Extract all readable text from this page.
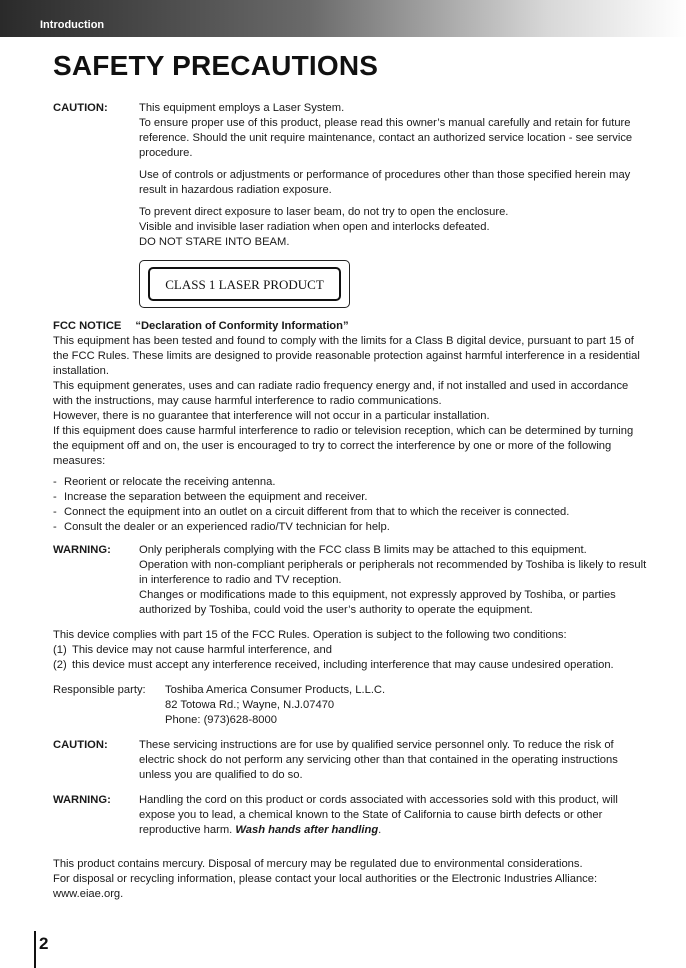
Introduction
SAFETY PRECAUTIONS
CAUTION:	This equipment employs a Laser System.

To ensure proper use of this product, please read this owner’s manual carefully and retain for future reference. Should the unit require maintenance, contact an authorized service location - see service procedure.

Use of controls or adjustments or performance of procedures other than those specified herein may result in hazardous radiation exposure.

To prevent direct exposure to laser beam, do not try to open the enclosure.

Visible and invisible laser radiation when open and interlocks defeated.

DO NOT STARE INTO BEAM.

CLASS 1 LASER PRODUCT
FCC NOTICE “Declaration of Conformity Information”

This equipment has been tested and found to comply with the limits for a Class B digital device, pursuant to part 15 of the FCC Rules. These limits are designed to provide reasonable protection against harmful interference in a residential installation.

This equipment generates, uses and can radiate radio frequency energy and, if not installed and used in accordance with the instructions, may cause harmful interference to radio communications.

However, there is no guarantee that interference will not occur in a particular installation.

If this equipment does cause harmful interference to radio or television reception, which can be determined by turning the equipment off and on, the user is encouraged to try to correct the interference by one or more of the following measures:

- Reorient or relocate the receiving antenna.
- Increase the separation between the equipment and receiver.
- Connect the equipment into an outlet on a circuit different from that to which the receiver is connected.
- Consult the dealer or an experienced radio/TV technician for help.
WARNING:	Only peripherals complying with the FCC class B limits may be attached to this equipment.

Operation with non-compliant peripherals or peripherals not recommended by Toshiba is likely to result in interference to radio and TV reception.

Changes or modifications made to this equipment, not expressly approved by Toshiba, or parties authorized by Toshiba, could void the user’s authority to operate the equipment.

This device complies with part 15 of the FCC Rules. Operation is subject to the following two conditions:

(1) This device may not cause harmful interference, and
(2) this device must accept any interference received, including interference that may cause undesired operation.
Responsible party:	Toshiba America Consumer Products, L.L.C.

82 Totowa Rd.; Wayne, N.J.07470

Phone: (973)628-8000

CAUTION:	These servicing instructions are for use by qualified service personnel only. To reduce the risk of electric shock do not perform any servicing other than that contained in the operating instructions unless you are qualified to do so.
WARNING:	Handling the cord on this product or cords associated with accessories sold with this product, will expose you to lead, a chemical known to the State of California to cause birth defects or other reproductive harm. Wash hands after handling.

This product contains mercury. Disposal of mercury may be regulated due to environmental considerations.

For disposal or recycling information, please contact your local authorities or the Electronic Industries Alliance: www.eiae.org.

2
